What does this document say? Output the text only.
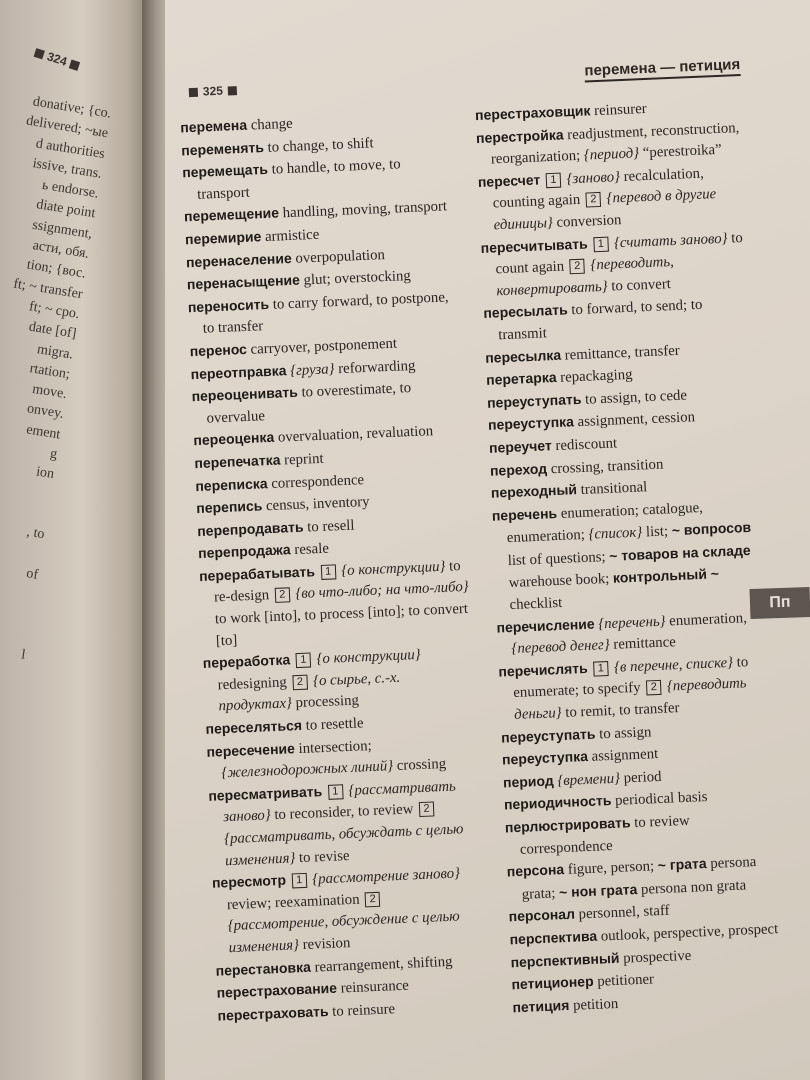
324
donative; {co.
delivered; ~ые
d authorities
issive, trans.
ь endorse.
diate point
ssignment,
асти, обя.
tion; {вос.
ft; ~ transfer
ft; ~ сро.
date [of]
migra.
rtation;
move.
onvey.
ement
g
ion

, to

of

l
325
перемена — петиция

перемена change

переменять to change, to shift

перемещать to handle, to move, to transport

перемещение handling, moving, transport

перемирие armistice

перенаселение overpopulation

перенасыщение glut; overstocking

переносить to carry forward, to postpone, to transfer

перенос carryover, postponement

переотправка {груза} reforwarding

переоценивать to overestimate, to overvalue

переоценка overvaluation, revaluation

перепечатка reprint

переписка correspondence

перепись census, inventory

перепродавать to resell

перепродажа resale

перерабатывать 1 {о конструкции} to re-design 2 {во что-либо; на что-либо} to work [into], to process [into]; to convert [to]

переработка 1 {о конструкции} redesigning 2 {о сырье, с.-х. продуктах} processing

переселяться to resettle

пересечение intersection; {железнодорожных линий} crossing

пересматривать 1 {рассматривать заново} to reconsider, to review 2 {рассматривать, обсуждать с целью изменения} to revise

пересмотр 1 {рассмотрение заново} review; reexamination 2 {рассмотрение, обсуждение с целью изменения} revision

перестановка rearrangement, shifting

перестрахование reinsurance

перестраховать to reinsure

перестраховщик reinsurer

перестройка readjustment, reconstruction, reorganization; {период} “perestroika”

пересчет 1 {заново} recalculation, counting again 2 {перевод в другие единицы} conversion

пересчитывать 1 {считать заново} to count again 2 {переводить, конвертировать} to convert

пересылать to forward, to send; to transmit

пересылка remittance, transfer

перетарка repackaging

переуступать to assign, to cede

переуступка assignment, cession

переучет rediscount

переход crossing, transition

переходный transitional

перечень enumeration; catalogue, enumeration; {список} list; ~ вопросов list of questions; ~ товаров на складе warehouse book; контрольный ~ checklist

перечисление {перечень} enumeration, {перевод денег} remittance

перечислять 1 {в перечне, списке} to enumerate; to specify 2 {переводить деньги} to remit, to transfer

переуступать to assign

переуступка assignment

период {времени} period

периодичность periodical basis

перлюстрировать to review correspondence

персона figure, person; ~ грата persona grata; ~ нон грата persona non grata

персонал personnel, staff

перспектива outlook, perspective, prospect

перспективный prospective

петиционер petitioner

петиция petition

Пп
